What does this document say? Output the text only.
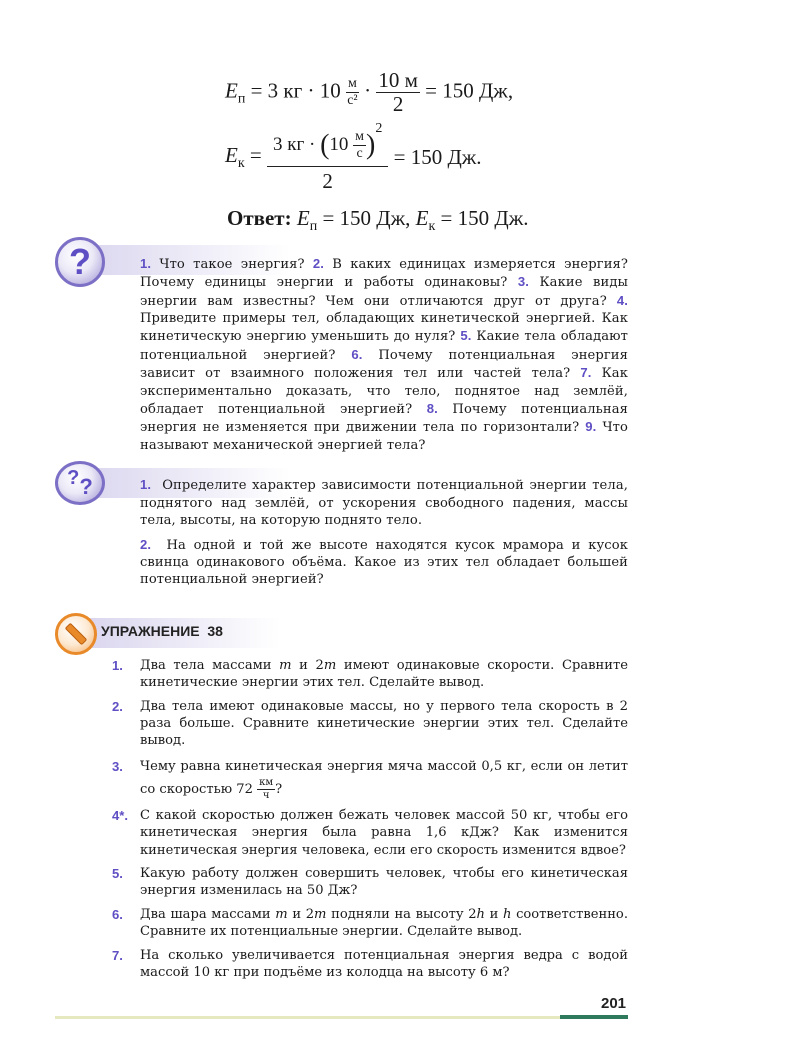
$E_п = 3$ кг · $10 \frac{м}{\text{с²}} \cdot \frac{10 м}{2} = 150$ Дж,
$E_к = 3$ кг · $(10 \frac{м}{с} )^2$
2
= 150 Дж.
Ответ: $E_п = 150$ Дж, $E_к = 150$ Дж.
?	1. Что такое энергия? 2. В каких единицах измеряется энергия? Почему единицы энергии и работы одинаковы? 3. Какие виды энергии вам известны? Чем они отличаются друг от друга? 4. Приведите примеры тел, обладающих кинетической энергией. Как кинетическую энергию уменьшить до нуля? 5. Какие тела обладают потенциальной энергией? 6. Почему потенциальная энергия зависит от взаимного положения тел или частей тела? 7. Как экспериментально доказать, что тело, поднятое над землёй, обладает потенциальной энергией? 8. Почему потенциальная энергия не изменяется при движении тела по горизонтали? 9. Что называют механической энергией тела?
? ?	1.  Определите характер зависимости потенциальной энергии тела, поднятого над землёй, от ускорения свободного падения, массы тела, высоты, на которую поднято тело.
2.  На одной и той же высоте находятся кусок мрамора и кусок свинца одинакового объёма. Какое из этих тел обладает большей потенциальной энергией?
УПРАЖНЕНИЕ  38
1. Два тела массами m и 2m имеют одинаковые скорости. Сравните кинетические энергии этих тел. Сделайте вывод.
2. Два тела имеют одинаковые массы, но у первого тела скорость в 2 раза больше. Сравните кинетические энергии этих тел. Сделайте вывод.
3. Чему равна кинетическая энергия мяча массой 0,5 кг, если он летит со скоростью $72 \frac{км}{ч}$ ?
4*. С какой скоростью должен бежать человек массой 50 кг, чтобы его кинетическая энергия была равна 1,6 кДж? Как изменится кинетическая энергия человека, если его скорость изменится вдвое?
5. Какую работу должен совершить человек, чтобы его кинетическая энергия изменилась на 50 Дж?
6. Два шара массами m и 2m подняли на высоту 2h и h соответственно. Сравните их потенциальные энергии. Сделайте вывод.
7. На сколько увеличивается потенциальная энергия ведра с водой массой 10 кг при подъёме из колодца на высоту 6 м?
201
